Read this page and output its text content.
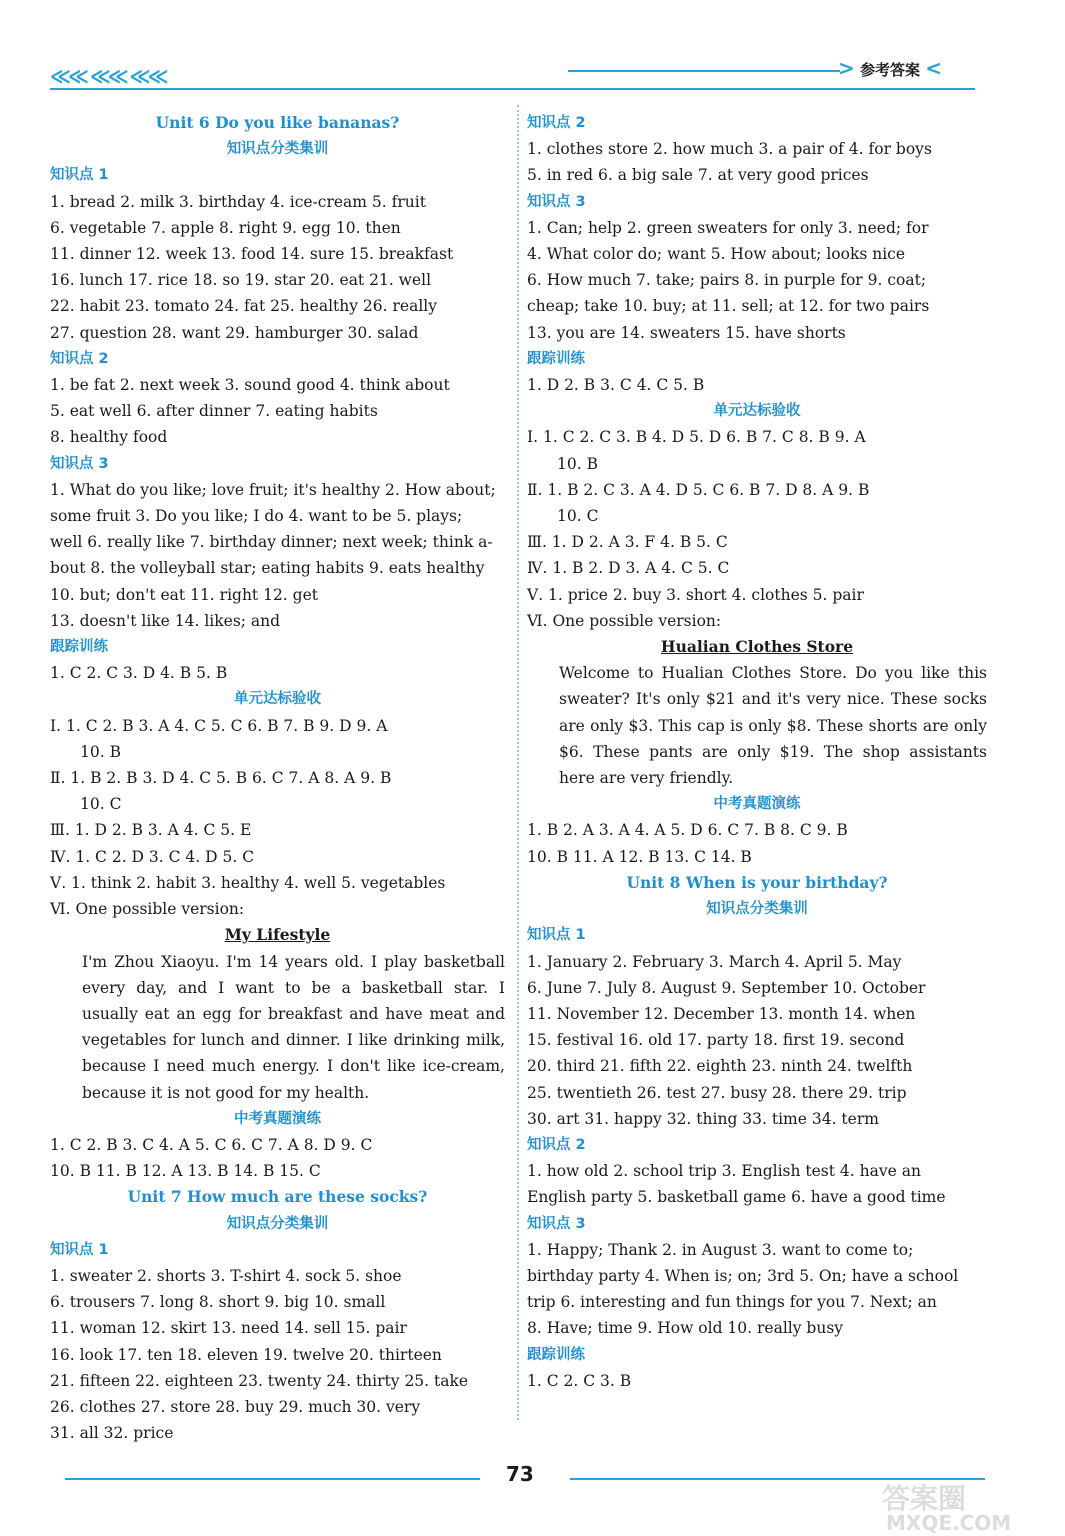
≪≪ ≪≪ ≪≪	> 参考答案 <
Unit 6 Do you like bananas?
知识点分类集训
知识点 1
1. bread 2. milk 3. birthday 4. ice-cream 5. fruit
6. vegetable 7. apple 8. right 9. egg 10. then
11. dinner 12. week 13. food 14. sure 15. breakfast
16. lunch 17. rice 18. so 19. star 20. eat 21. well
22. habit 23. tomato 24. fat 25. healthy 26. really
27. question 28. want 29. hamburger 30. salad
知识点 2
1. be fat 2. next week 3. sound good 4. think about
5. eat well 6. after dinner 7. eating habits
8. healthy food
知识点 3
1. What do you like; love fruit; it's healthy 2. How about;
some fruit 3. Do you like; I do 4. want to be 5. plays;
well 6. really like 7. birthday dinner; next week; think a-
bout 8. the volleyball star; eating habits 9. eats healthy
10. but; don't eat 11. right 12. get
13. doesn't like 14. likes; and
跟踪训练
1. C 2. C 3. D 4. B 5. B
单元达标验收
Ⅰ. 1. C 2. B 3. A 4. C 5. C 6. B 7. B 9. D 9. A
10. B
Ⅱ. 1. B 2. B 3. D 4. C 5. B 6. C 7. A 8. A 9. B
10. C
Ⅲ. 1. D 2. B 3. A 4. C 5. E
Ⅳ. 1. C 2. D 3. C 4. D 5. C
Ⅴ. 1. think 2. habit 3. healthy 4. well 5. vegetables
Ⅵ. One possible version:
My Lifestyle
I'm Zhou Xiaoyu. I'm 14 years old. I play basketball every day, and I want to be a basketball star. I usually eat an egg for breakfast and have meat and vegetables for lunch and dinner. I like drinking milk, because I need much energy. I don't like ice-cream, because it is not good for my health.
中考真题演练
1. C 2. B 3. C 4. A 5. C 6. C 7. A 8. D 9. C
10. B 11. B 12. A 13. B 14. B 15. C
Unit 7 How much are these socks?
知识点分类集训
知识点 1
1. sweater 2. shorts 3. T-shirt 4. sock 5. shoe
6. trousers 7. long 8. short 9. big 10. small
11. woman 12. skirt 13. need 14. sell 15. pair
16. look 17. ten 18. eleven 19. twelve 20. thirteen
21. fifteen 22. eighteen 23. twenty 24. thirty 25. take
26. clothes 27. store 28. buy 29. much 30. very
31. all 32. price
知识点 2
1. clothes store 2. how much 3. a pair of 4. for boys
5. in red 6. a big sale 7. at very good prices
知识点 3
1. Can; help 2. green sweaters for only 3. need; for
4. What color do; want 5. How about; looks nice
6. How much 7. take; pairs 8. in purple for 9. coat;
cheap; take 10. buy; at 11. sell; at 12. for two pairs
13. you are 14. sweaters 15. have shorts
跟踪训练
1. D 2. B 3. C 4. C 5. B
单元达标验收
Ⅰ. 1. C 2. C 3. B 4. D 5. D 6. B 7. C 8. B 9. A
10. B
Ⅱ. 1. B 2. C 3. A 4. D 5. C 6. B 7. D 8. A 9. B
10. C
Ⅲ. 1. D 2. A 3. F 4. B 5. C
Ⅳ. 1. B 2. D 3. A 4. C 5. C
Ⅴ. 1. price 2. buy 3. short 4. clothes 5. pair
Ⅵ. One possible version:
Hualian Clothes Store
Welcome to Hualian Clothes Store. Do you like this sweater? It's only $21 and it's very nice. These socks are only $3. This cap is only $8. These shorts are only $6. These pants are only $19. The shop assistants here are very friendly.
中考真题演练
1. B 2. A 3. A 4. A 5. D 6. C 7. B 8. C 9. B
10. B 11. A 12. B 13. C 14. B
Unit 8 When is your birthday?
知识点分类集训
知识点 1
1. January 2. February 3. March 4. April 5. May
6. June 7. July 8. August 9. September 10. October
11. November 12. December 13. month 14. when
15. festival 16. old 17. party 18. first 19. second
20. third 21. fifth 22. eighth 23. ninth 24. twelfth
25. twentieth 26. test 27. busy 28. there 29. trip
30. art 31. happy 32. thing 33. time 34. term
知识点 2
1. how old 2. school trip 3. English test 4. have an
English party 5. basketball game 6. have a good time
知识点 3
1. Happy; Thank 2. in August 3. want to come to;
birthday party 4. When is; on; 3rd 5. On; have a school
trip 6. interesting and fun things for you 7. Next; an
8. Have; time 9. How old 10. really busy
跟踪训练
1. C 2. C 3. B
73
答案圈
MXQE.COM
